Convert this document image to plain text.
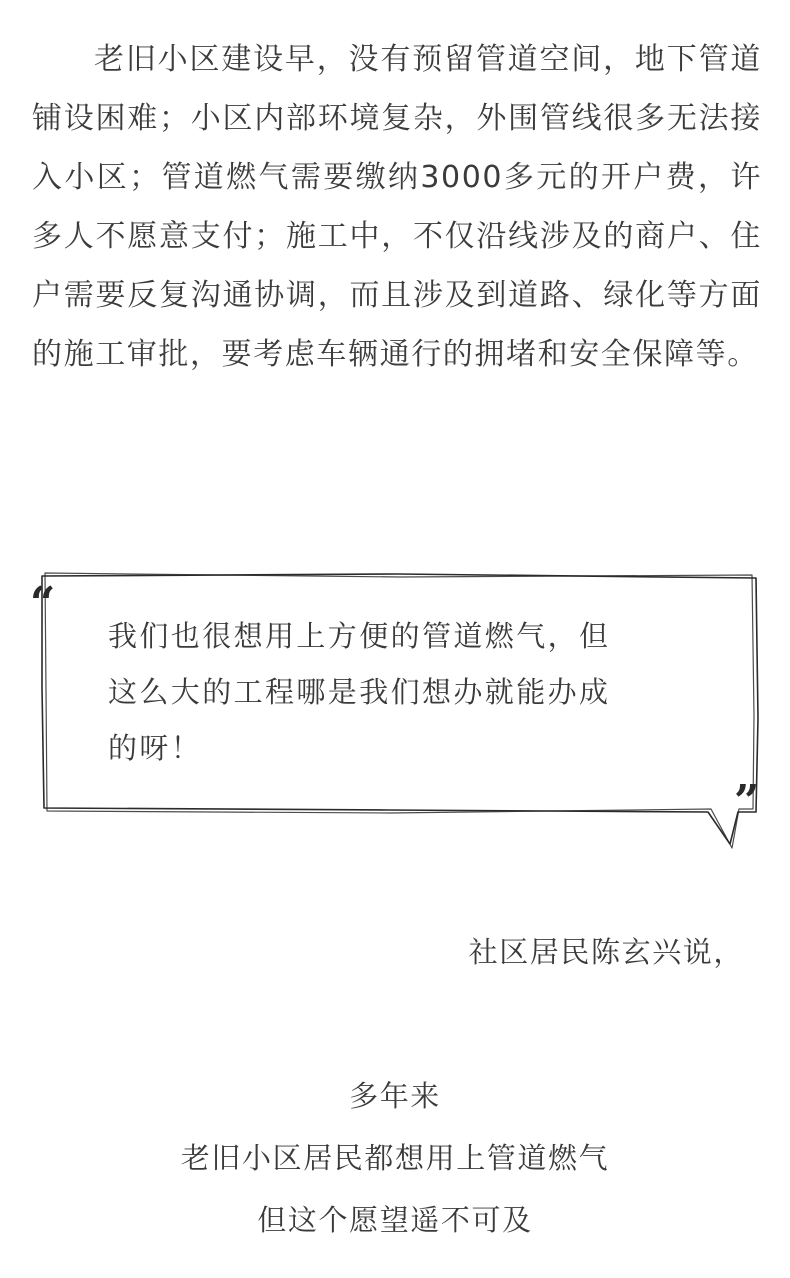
老旧小区建设早，没有预留管道空间，地下管道铺设困难；小区内部环境复杂，外围管线很多无法接入小区；管道燃气需要缴纳3000多元的开户费，许多人不愿意支付；施工中，不仅沿线涉及的商户、住户需要反复沟通协调，而且涉及到道路、绿化等方面的施工审批，要考虑车辆通行的拥堵和安全保障等。

“

我们也很想用上方便的管道燃气，但
这么大的工程哪是我们想办就能办成
的呀！

”

社区居民陈玄兴说，

多年来
老旧小区居民都想用上管道燃气
但这个愿望遥不可及
